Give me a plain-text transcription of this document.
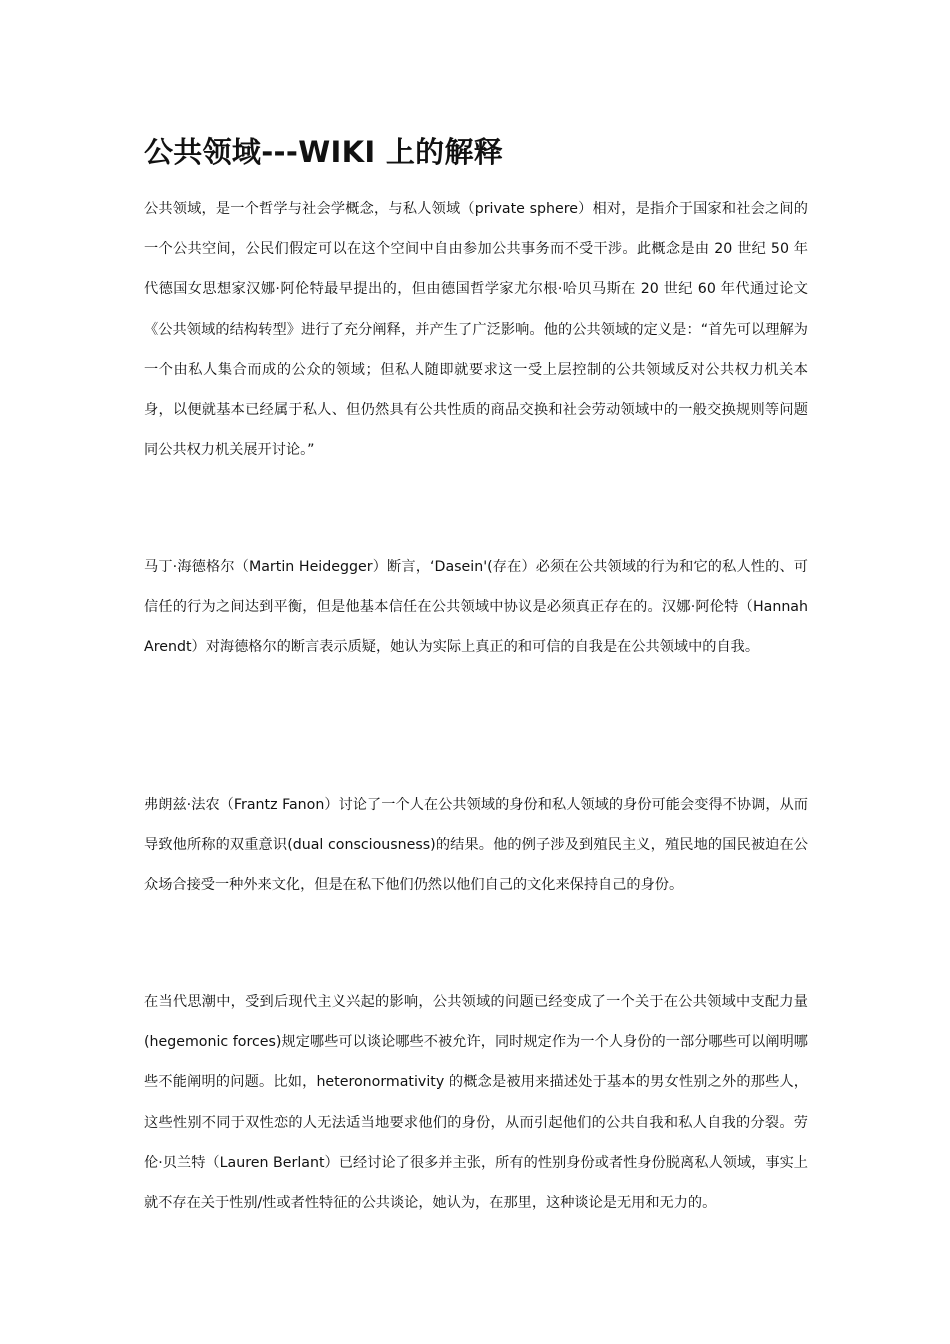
公共领域---WIKI 上的解释

公共领域，是一个哲学与社会学概念，与私人领域（private sphere）相对，是指介于国家和社会之间的一个公共空间，公民们假定可以在这个空间中自由参加公共事务而不受干涉。此概念是由 20 世纪 50 年代德国女思想家汉娜·阿伦特最早提出的，但由德国哲学家尤尔根·哈贝马斯在 20 世纪 60 年代通过论文《公共领域的结构转型》进行了充分阐释，并产生了广泛影响。他的公共领域的定义是：“首先可以理解为一个由私人集合而成的公众的领域；但私人随即就要求这一受上层控制的公共领域反对公共权力机关本身，以便就基本已经属于私人、但仍然具有公共性质的商品交换和社会劳动领域中的一般交换规则等问题同公共权力机关展开讨论。”

马丁·海德格尔（Martin Heidegger）断言，‘Dasein'(存在）必须在公共领域的行为和它的私人性的、可信任的行为之间达到平衡，但是他基本信任在公共领域中协议是必须真正存在的。汉娜·阿伦特（Hannah Arendt）对海德格尔的断言表示质疑，她认为实际上真正的和可信的自我是在公共领域中的自我。

弗朗兹·法农（Frantz Fanon）讨论了一个人在公共领域的身份和私人领域的身份可能会变得不协调，从而导致他所称的双重意识(dual consciousness)的结果。他的例子涉及到殖民主义，殖民地的国民被迫在公众场合接受一种外来文化，但是在私下他们仍然以他们自己的文化来保持自己的身份。

在当代思潮中，受到后现代主义兴起的影响，公共领域的问题已经变成了一个关于在公共领域中支配力量(hegemonic forces)规定哪些可以谈论哪些不被允许，同时规定作为一个人身份的一部分哪些可以阐明哪些不能阐明的问题。比如，heteronormativity 的概念是被用来描述处于基本的男女性别之外的那些人，这些性别不同于双性恋的人无法适当地要求他们的身份，从而引起他们的公共自我和私人自我的分裂。劳伦·贝兰特（Lauren Berlant）已经讨论了很多并主张，所有的性别身份或者性身份脱离私人领域，事实上就不存在关于性别/性或者性特征的公共谈论，她认为，在那里，这种谈论是无用和无力的。
